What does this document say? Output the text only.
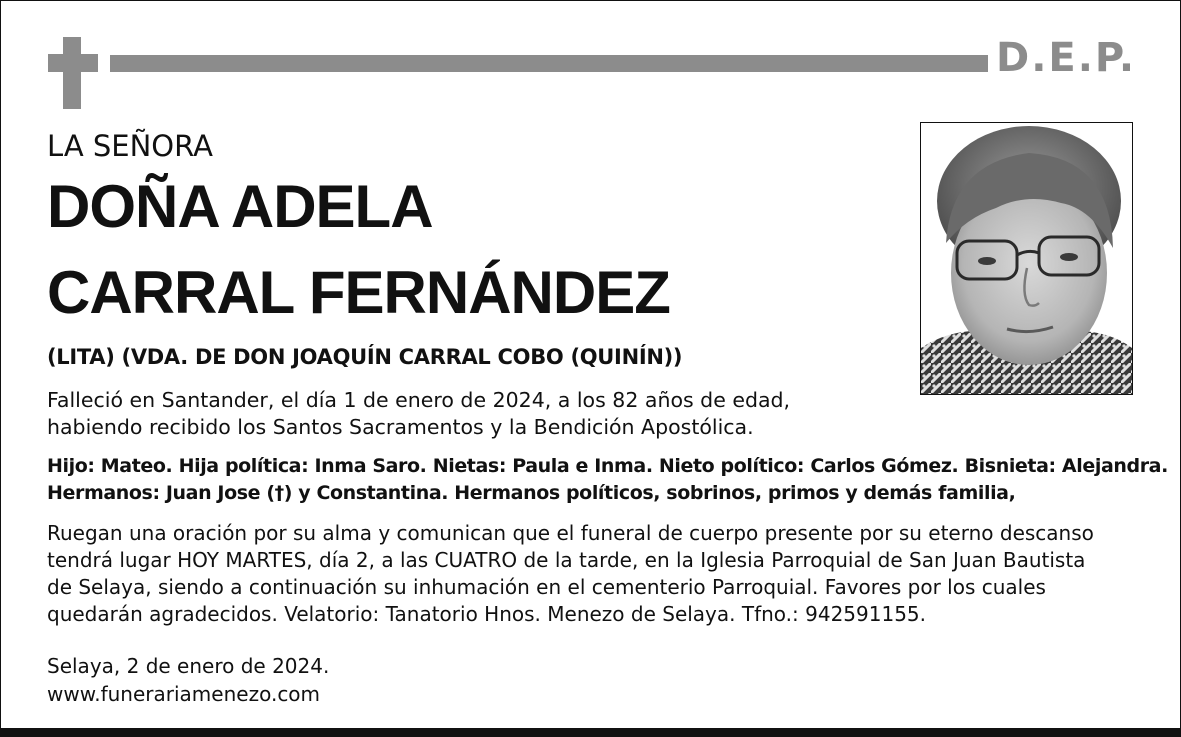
D.E.P.
LA SEÑORA
DOÑA ADELA
CARRAL FERNÁNDEZ
(LITA) (VDA. DE DON JOAQUÍN CARRAL COBO (QUINÍN))
Falleció en Santander, el día 1 de enero de 2024, a los 82 años de edad,
habiendo recibido los Santos Sacramentos y la Bendición Apostólica.
Hijo: Mateo. Hija política: Inma Saro. Nietas: Paula e Inma. Nieto político: Carlos Gómez. Bisnieta: Alejandra.
Hermanos: Juan Jose (†) y Constantina. Hermanos políticos, sobrinos, primos y demás familia,
Ruegan una oración por su alma y comunican que el funeral de cuerpo presente por su eterno descanso
tendrá lugar HOY MARTES, día 2, a las CUATRO de la tarde, en la Iglesia Parroquial de San Juan Bautista
de Selaya, siendo a continuación su inhumación en el cementerio Parroquial. Favores por los cuales
quedarán agradecidos. Velatorio: Tanatorio Hnos. Menezo de Selaya. Tfno.: 942591155.
Selaya, 2 de enero de 2024.
www.funerariamenezo.com
